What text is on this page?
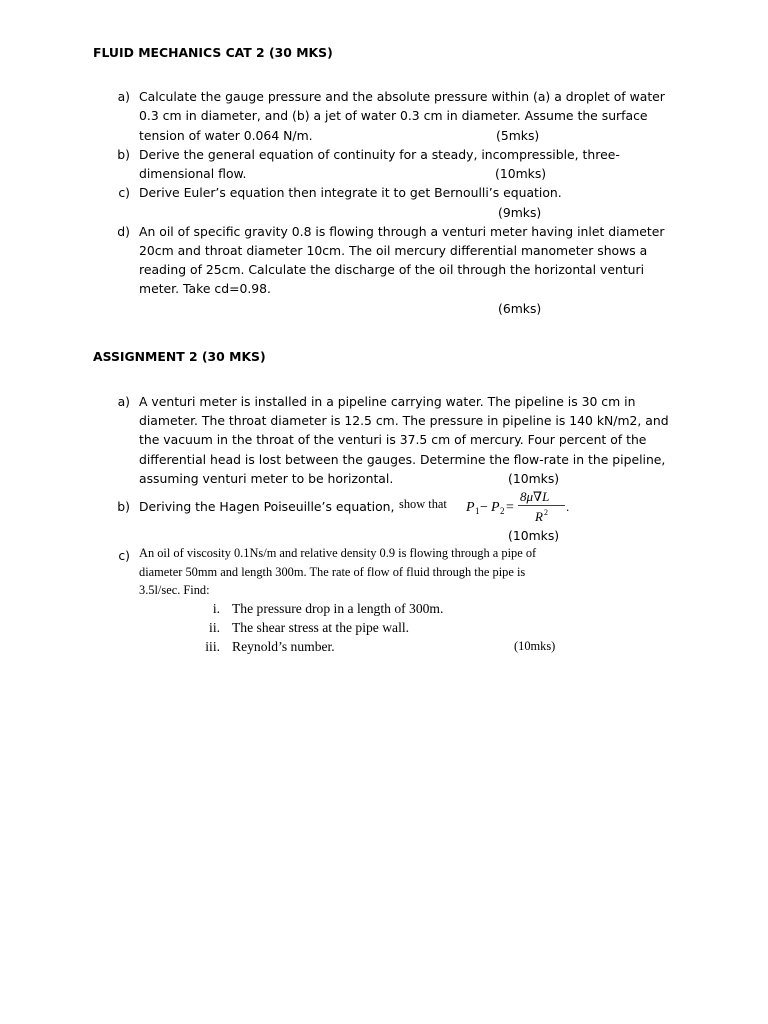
FLUID MECHANICS CAT 2 (30 MKS)
a) Calculate the gauge pressure and the absolute pressure within (a) a droplet of water
0.3 cm in diameter, and (b) a jet of water 0.3 cm in diameter. Assume the surface
tension of water 0.064 N/m.	(5mks)
b) Derive the general equation of continuity for a steady, incompressible, three-
dimensional flow.	(10mks)
c) Derive Euler’s equation then integrate it to get Bernoulli’s equation.
(9mks)
d) An oil of specific gravity 0.8 is flowing through a venturi meter having inlet diameter
20cm and throat diameter 10cm. The oil mercury differential manometer shows a
reading of 25cm. Calculate the discharge of the oil through the horizontal venturi
meter. Take cd=0.98.
(6mks)
ASSIGNMENT 2 (30 MKS)
a) A venturi meter is installed in a pipeline carrying water. The pipeline is 30 cm in
diameter. The throat diameter is 12.5 cm. The pressure in pipeline is 140 kN/m2, and
the vacuum in the throat of the venturi is 37.5 cm of mercury. Four percent of the
differential head is lost between the gauges. Determine the flow-rate in the pipeline,
assuming venturi meter to be horizontal.	(10mks)
b) Deriving the Hagen Poiseuille’s equation, show that P 1 − P 2 =
8μ∇L
R 2 .
(10mks)
c) An oil of viscosity 0.1Ns/m and relative density 0.9 is flowing through a pipe of
diameter 50mm and length 300m. The rate of flow of fluid through the pipe is
3.5l/sec. Find:
i. The pressure drop in a length of 300m.
ii. The shear stress at the pipe wall.
iii. Reynold’s number.	(10mks)
